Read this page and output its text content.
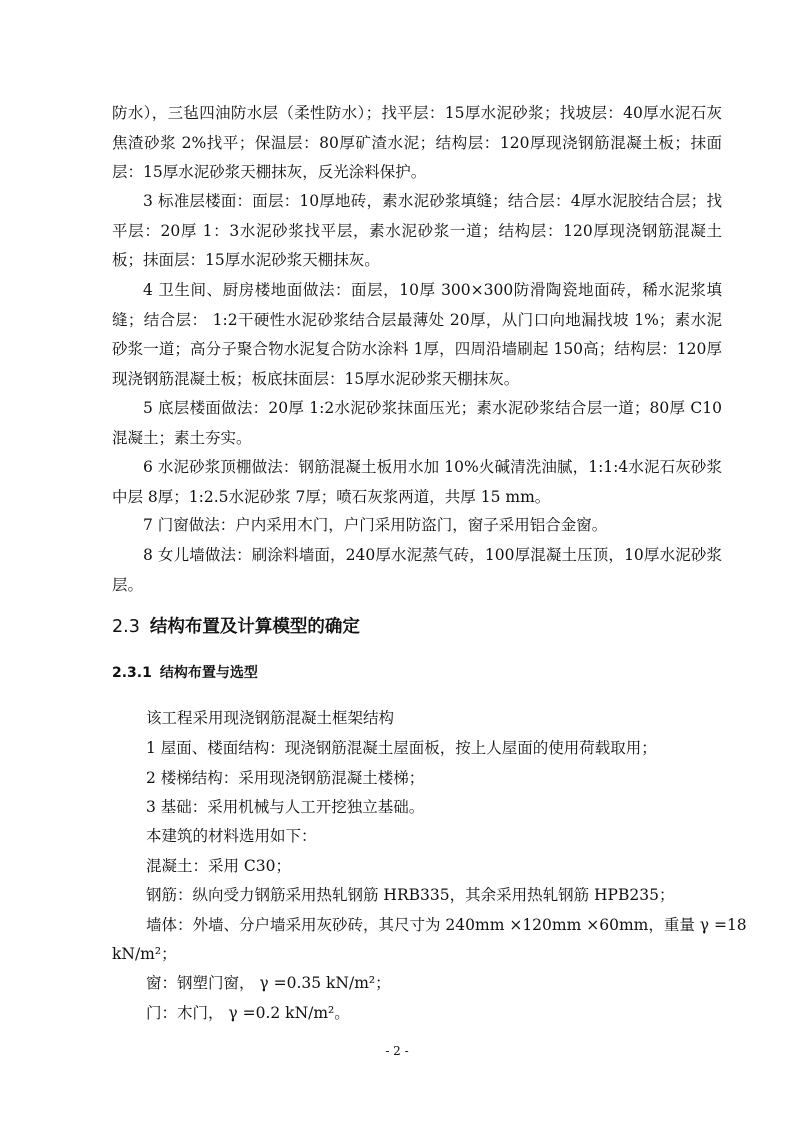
防水），三毡四油防水层（柔性防水）；找平层：15厚水泥砂浆；找坡层：40厚水泥石灰焦渣砂浆 2%找平；保温层：80厚矿渣水泥；结构层：120厚现浇钢筋混凝土板；抹面层：15厚水泥砂浆天棚抹灰，反光涂料保护。

3 标准层楼面：面层：10厚地砖，素水泥砂浆填缝；结合层：4厚水泥胶结合层；找平层：20厚 1：3水泥砂浆找平层，素水泥砂浆一道；结构层：120厚现浇钢筋混凝土板；抹面层：15厚水泥砂浆天棚抹灰。

4 卫生间、厨房楼地面做法：面层，10厚 300×300防滑陶瓷地面砖，稀水泥浆填缝；结合层： 1:2干硬性水泥砂浆结合层最薄处 20厚，从门口向地漏找坡 1%；素水泥砂浆一道；高分子聚合物水泥复合防水涂料 1厚，四周沿墙刷起 150高；结构层：120厚现浇钢筋混凝土板；板底抹面层：15厚水泥砂浆天棚抹灰。

5 底层楼面做法：20厚 1:2水泥砂浆抹面压光；素水泥砂浆结合层一道；80厚 C10混凝土；素土夯实。

6 水泥砂浆顶棚做法：钢筋混凝土板用水加 10%火碱清洗油腻，1:1:4水泥石灰砂浆中层 8厚；1:2.5水泥砂浆 7厚；喷石灰浆两道，共厚 15 mm。

7 门窗做法：户内采用木门，户门采用防盗门，窗子采用铝合金窗。

8 女儿墙做法：刷涂料墙面，240厚水泥蒸气砖，100厚混凝土压顶，10厚水泥砂浆层。

2.3 结构布置及计算模型的确定
2.3.1 结构布置与选型

该工程采用现浇钢筋混凝土框架结构

1 屋面、楼面结构：现浇钢筋混凝土屋面板，按上人屋面的使用荷载取用；

2 楼梯结构：采用现浇钢筋混凝土楼梯；

3 基础：采用机械与人工开挖独立基础。

本建筑的材料选用如下：

混凝土：采用 C30；

钢筋：纵向受力钢筋采用热轧钢筋 HRB335，其余采用热轧钢筋 HPB235；

墙体：外墙、分户墙采用灰砂砖，其尺寸为 240mm ×120mm ×60mm，重量 γ =18

kN/m²；

窗：钢塑门窗， γ =0.35 kN/m²；

门：木门， γ =0.2 kN/m²。

- 2 -
